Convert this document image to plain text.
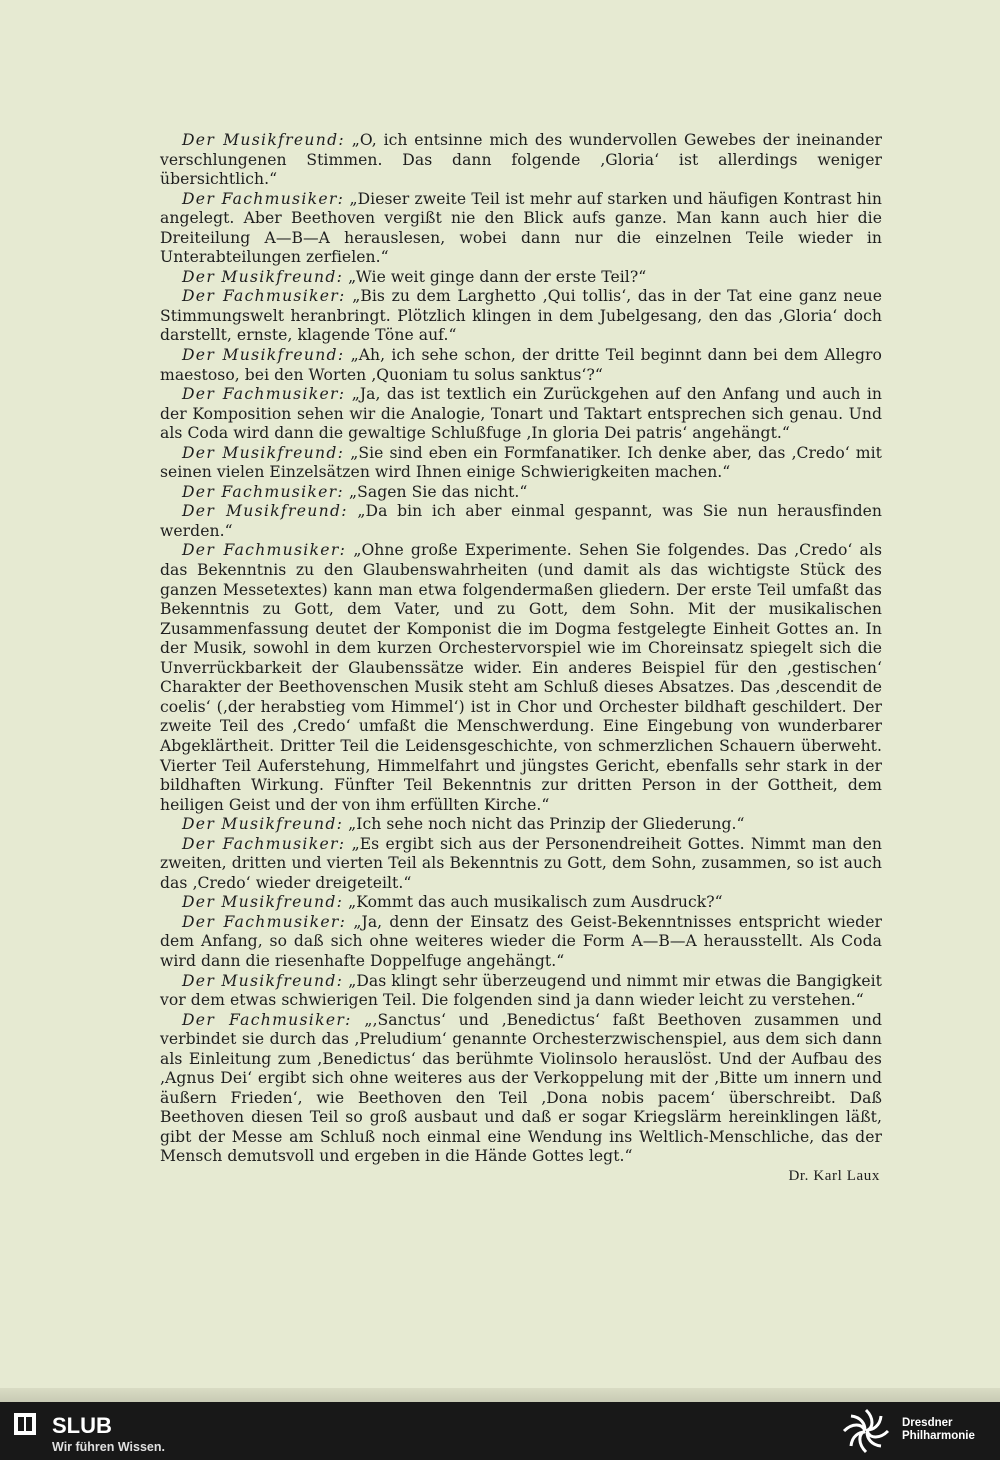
Der Musikfreund: „O, ich entsinne mich des wundervollen Gewebes der ineinander verschlungenen Stimmen. Das dann folgende ‚Gloria‘ ist allerdings weniger übersichtlich.“

Der Fachmusiker: „Dieser zweite Teil ist mehr auf starken und häufigen Kontrast hin angelegt. Aber Beethoven vergißt nie den Blick aufs ganze. Man kann auch hier die Dreiteilung A—B—A herauslesen, wobei dann nur die einzelnen Teile wieder in Unterabteilungen zerfielen.“

Der Musikfreund: „Wie weit ginge dann der erste Teil?“

Der Fachmusiker: „Bis zu dem Larghetto ‚Qui tollis‘, das in der Tat eine ganz neue Stimmungswelt heranbringt. Plötzlich klingen in dem Jubelgesang, den das ‚Gloria‘ doch darstellt, ernste, klagende Töne auf.“

Der Musikfreund: „Ah, ich sehe schon, der dritte Teil beginnt dann bei dem Allegro maestoso, bei den Worten ‚Quoniam tu solus sanktus‘?“

Der Fachmusiker: „Ja, das ist textlich ein Zurückgehen auf den Anfang und auch in der Komposition sehen wir die Analogie, Tonart und Taktart entsprechen sich genau. Und als Coda wird dann die gewaltige Schlußfuge ‚In gloria Dei patris‘ angehängt.“

Der Musikfreund: „Sie sind eben ein Formfanatiker. Ich denke aber, das ‚Credo‘ mit seinen vielen Einzelsätzen wird Ihnen einige Schwierigkeiten machen.“

Der Fachmusiker: „Sagen Sie das nicht.“

Der Musikfreund: „Da bin ich aber einmal gespannt, was Sie nun herausfinden werden.“

Der Fachmusiker: „Ohne große Experimente. Sehen Sie folgendes. Das ‚Credo‘ als das Bekenntnis zu den Glaubenswahrheiten (und damit als das wichtigste Stück des ganzen Messetextes) kann man etwa folgendermaßen gliedern. Der erste Teil umfaßt das Bekenntnis zu Gott, dem Vater, und zu Gott, dem Sohn. Mit der musikalischen Zusammenfassung deutet der Komponist die im Dogma festgelegte Einheit Gottes an. In der Musik, sowohl in dem kurzen Orchestervorspiel wie im Choreinsatz spiegelt sich die Unverrückbarkeit der Glaubenssätze wider. Ein anderes Beispiel für den ‚gestischen‘ Charakter der Beethovenschen Musik steht am Schluß dieses Absatzes. Das ‚descendit de coelis‘ (‚der herabstieg vom Himmel‘) ist in Chor und Orchester bildhaft geschildert. Der zweite Teil des ‚Credo‘ umfaßt die Menschwerdung. Eine Eingebung von wunderbarer Abgeklärtheit. Dritter Teil die Leidensgeschichte, von schmerzlichen Schauern überweht. Vierter Teil Auferstehung, Himmelfahrt und jüngstes Gericht, ebenfalls sehr stark in der bildhaften Wirkung. Fünfter Teil Bekenntnis zur dritten Person in der Gottheit, dem heiligen Geist und der von ihm erfüllten Kirche.“

Der Musikfreund: „Ich sehe noch nicht das Prinzip der Gliederung.“

Der Fachmusiker: „Es ergibt sich aus der Personendreiheit Gottes. Nimmt man den zweiten, dritten und vierten Teil als Bekenntnis zu Gott, dem Sohn, zusammen, so ist auch das ‚Credo‘ wieder dreigeteilt.“

Der Musikfreund: „Kommt das auch musikalisch zum Ausdruck?“

Der Fachmusiker: „Ja, denn der Einsatz des Geist-Bekenntnisses entspricht wieder dem Anfang, so daß sich ohne weiteres wieder die Form A—B—A herausstellt. Als Coda wird dann die riesenhafte Doppelfuge angehängt.“

Der Musikfreund: „Das klingt sehr überzeugend und nimmt mir etwas die Bangigkeit vor dem etwas schwierigen Teil. Die folgenden sind ja dann wieder leicht zu verstehen.“

Der Fachmusiker: „‚Sanctus‘ und ‚Benedictus‘ faßt Beethoven zusammen und verbindet sie durch das ‚Preludium‘ genannte Orchesterzwischenspiel, aus dem sich dann als Einleitung zum ‚Benedictus‘ das berühmte Violinsolo herauslöst. Und der Aufbau des ‚Agnus Dei‘ ergibt sich ohne weiteres aus der Verkoppelung mit der ‚Bitte um innern und äußern Frieden‘, wie Beethoven den Teil ‚Dona nobis pacem‘ überschreibt. Daß Beethoven diesen Teil so groß ausbaut und daß er sogar Kriegslärm hereinklingen läßt, gibt der Messe am Schluß noch einmal eine Wendung ins Weltlich-Menschliche, das der Mensch demutsvoll und ergeben in die Hände Gottes legt.“

Dr. Karl Laux
SLUB
Wir führen Wissen.
Dresdner
Philharmonie
